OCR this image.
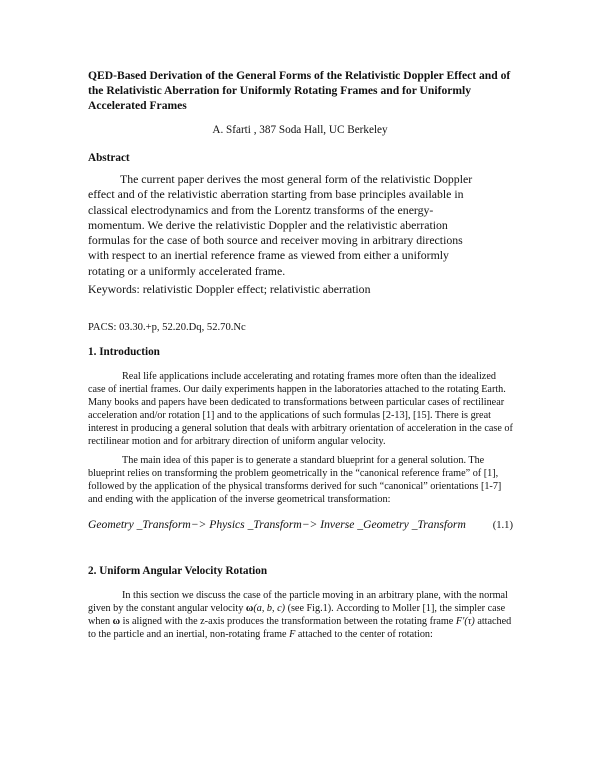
QED-Based Derivation of the General Forms of the Relativistic Doppler Effect and of the Relativistic Aberration for Uniformly Rotating Frames and for Uniformly Accelerated Frames
A. Sfarti , 387 Soda Hall, UC Berkeley
Abstract
The current paper derives the most general form of the relativistic Doppler effect and of the relativistic aberration starting from base principles available in classical electrodynamics and from the Lorentz transforms of the energy-momentum. We derive the relativistic Doppler and the relativistic aberration formulas for the case of both source and receiver moving in arbitrary directions with respect to an inertial reference frame as viewed from either a uniformly rotating or a uniformly accelerated frame.
Keywords: relativistic Doppler effect; relativistic aberration
PACS: 03.30.+p, 52.20.Dq, 52.70.Nc
1. Introduction
Real life applications include accelerating and rotating frames more often than the idealized case of inertial frames. Our daily experiments happen in the laboratories attached to the rotating Earth. Many books and papers have been dedicated to transformations between particular cases of rectilinear acceleration and/or rotation [1] and to the applications of such formulas [2-13], [15]. There is great interest in producing a general solution that deals with arbitrary orientation of acceleration in the case of rectilinear motion and for arbitrary direction of uniform angular velocity.
The main idea of this paper is to generate a standard blueprint for a general solution. The blueprint relies on transforming the problem geometrically in the “canonical reference frame” of [1], followed by the application of the physical transforms derived for such “canonical” orientations [1-7] and ending with the application of the inverse geometrical transformation:
Geometry _Transform−> Physics _Transform−> Inverse _Geometry _Transform	(1.1)
2. Uniform Angular Velocity Rotation
In this section we discuss the case of the particle moving in an arbitrary plane, with the normal given by the constant angular velocity ω(a, b, c) (see Fig.1). According to Moller [1], the simpler case when ω is aligned with the z-axis produces the transformation between the rotating frame F′(τ) attached to the particle and an inertial, non-rotating frame F attached to the center of rotation:
